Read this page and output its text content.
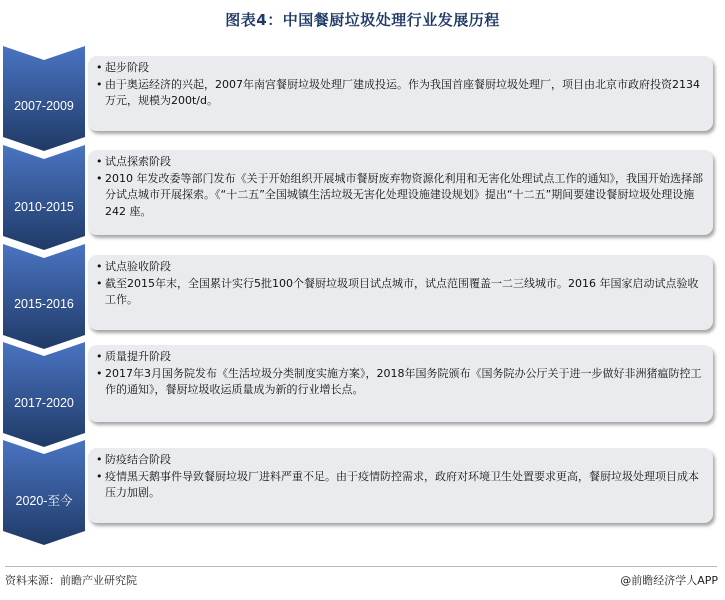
图表4：中国餐厨垃圾处理行业发展历程
2007-2009
• 起步阶段
• 由于奥运经济的兴起，2007年南宫餐厨垃圾处理厂建成投运。作为我国首座餐厨垃圾处理厂，项目由北京市政府投资2134万元，规模为200t/d。
2010-2015
• 试点探索阶段
• 2010 年发改委等部门发布《关于开始组织开展城市餐厨废弃物资源化利用和无害化处理试点工作的通知》，我国开始选择部分试点城市开展探索。《“十二五”全国城镇生活垃圾无害化处理设施建设规划》提出“十二五”期间要建设餐厨垃圾处理设施 242 座。
2015-2016
• 试点验收阶段
• 截至2015年末，全国累计实行5批100个餐厨垃圾项目试点城市，试点范围覆盖一二三线城市。2016 年国家启动试点验收工作。
2017-2020
• 质量提升阶段
• 2017年3月国务院发布《生活垃圾分类制度实施方案》，2018年国务院颁布《国务院办公厅关于进一步做好非洲猪瘟防控工作的通知》，餐厨垃圾收运质量成为新的行业增长点。
2020-至今
• 防疫结合阶段
• 疫情黑天鹅事件导致餐厨垃圾厂进料严重不足。由于疫情防控需求，政府对环境卫生处置要求更高，餐厨垃圾处理项目成本压力加剧。
资料来源：前瞻产业研究院	@前瞻经济学人APP
